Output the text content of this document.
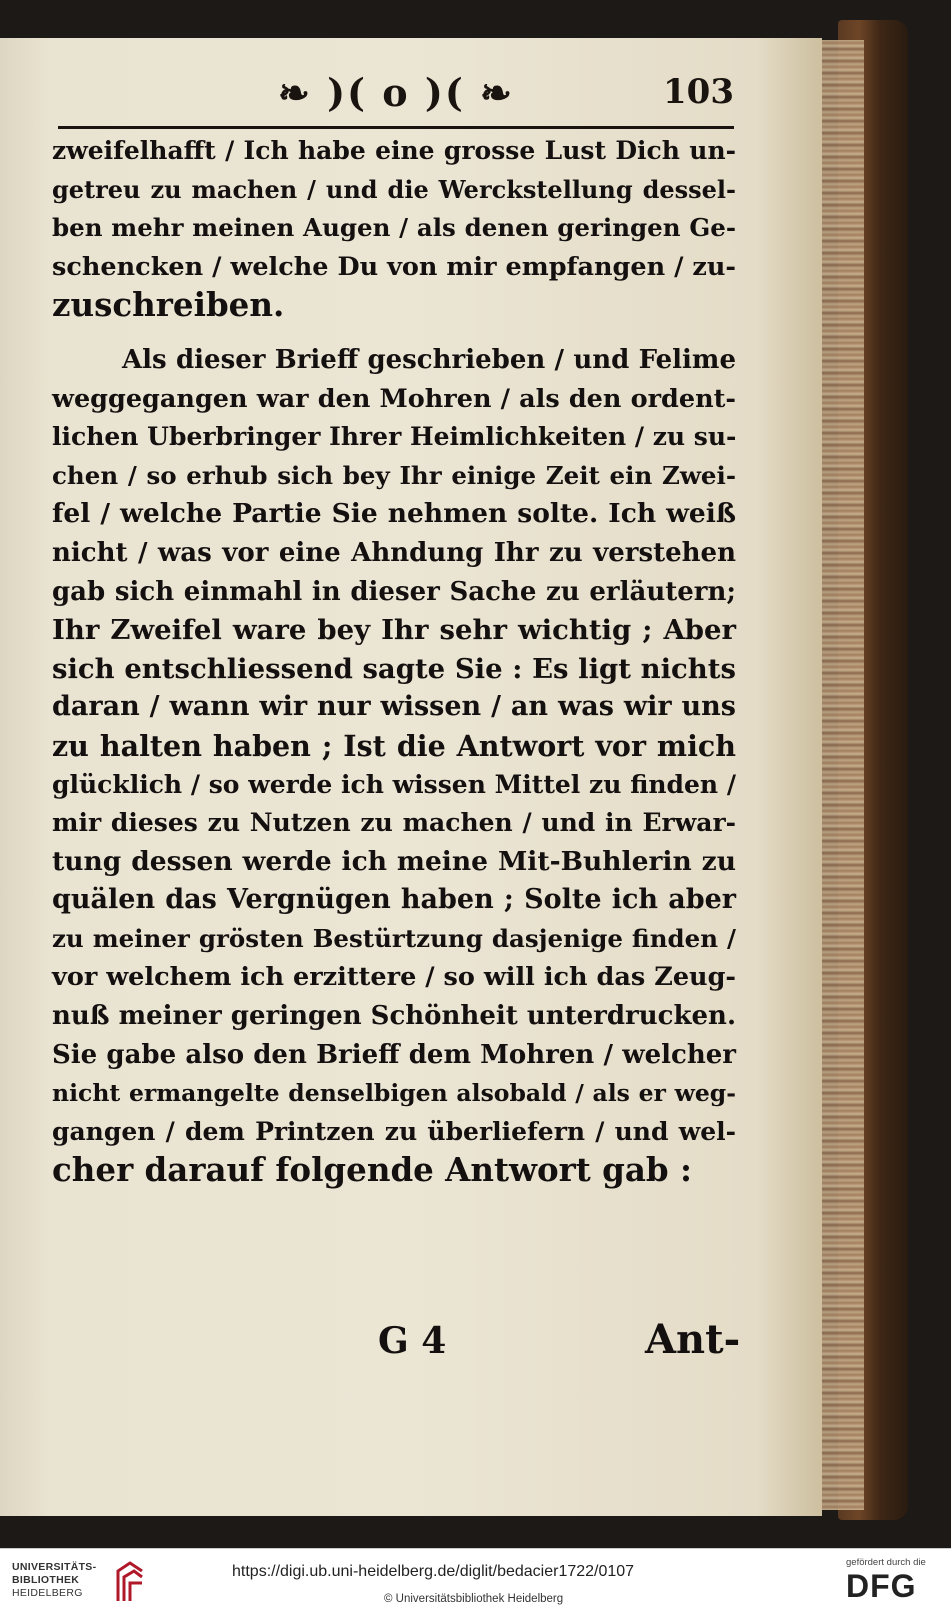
❧ )( o )( ❧	103
zweifelhafft / Ich habe eine grosse Lust Dich un-
getreu zu machen / und die Werckstellung dessel-
ben mehr meinen Augen / als denen geringen Ge-
schencken / welche Du von mir empfangen / zu-
zuschreiben.
Als dieser Brieff geschrieben / und Felime
weggegangen war den Mohren / als den ordent-
lichen Uberbringer Ihrer Heimlichkeiten / zu su-
chen / so erhub sich bey Ihr einige Zeit ein Zwei-
fel / welche Partie Sie nehmen solte. Ich weiß
nicht / was vor eine Ahndung Ihr zu verstehen
gab sich einmahl in dieser Sache zu erläutern;
Ihr Zweifel ware bey Ihr sehr wichtig ; Aber
sich entschliessend sagte Sie : Es ligt nichts
daran / wann wir nur wissen / an was wir uns
zu halten haben ; Ist die Antwort vor mich
glücklich / so werde ich wissen Mittel zu finden /
mir dieses zu Nutzen zu machen / und in Erwar-
tung dessen werde ich meine Mit-Buhlerin zu
quälen das Vergnügen haben ; Solte ich aber
zu meiner grösten Bestürtzung dasjenige finden /
vor welchem ich erzittere / so will ich das Zeug-
nuß meiner geringen Schönheit unterdrucken.
Sie gabe also den Brieff dem Mohren / welcher
nicht ermangelte denselbigen alsobald / als er weg-
gangen / dem Printzen zu überliefern / und wel-
cher darauf folgende Antwort gab :
G 4	Ant-
UNIVERSITÄTS-
BIBLIOTHEK
HEIDELBERG
https://digi.ub.uni-heidelberg.de/diglit/bedacier1722/0107
© Universitätsbibliothek Heidelberg
gefördert durch die
DFG
